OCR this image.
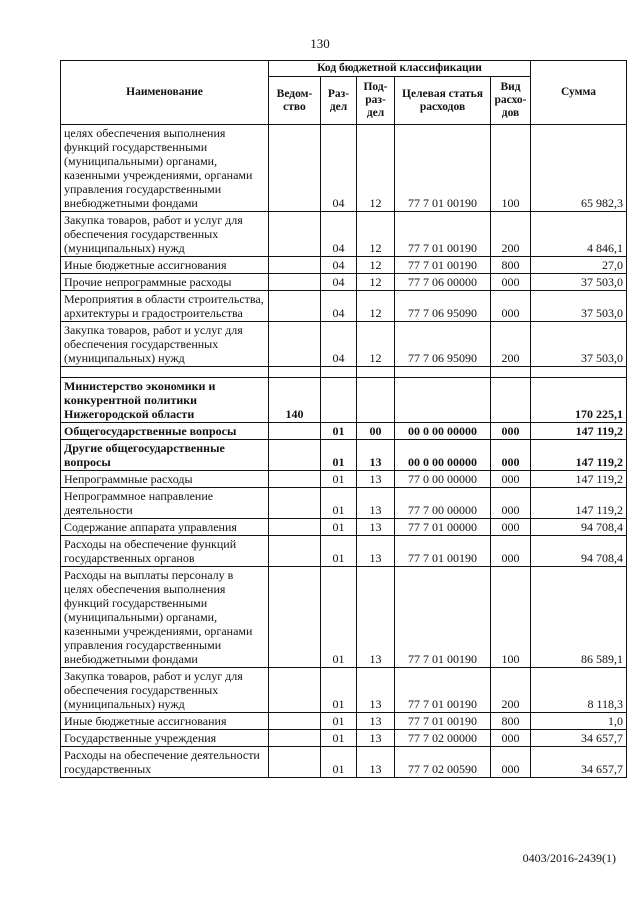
130
Наименование	Код бюджетной классификации					Сумма
	Ведом-ство	Раз-дел	Под-раз-дел	Целевая статья расходов	Вид расхо-дов	
целях обеспечения выполнения функций государственными (муниципальными) органами, казенными учреждениями, органами управления государственными внебюджетными фондами		04	12	77 7 01 00190	100	65 982,3
Закупка товаров, работ и услуг для обеспечения государственных (муниципальных) нужд		04	12	77 7 01 00190	200	4 846,1
Иные бюджетные ассигнования		04	12	77 7 01 00190	800	27,0
Прочие непрограммные расходы		04	12	77 7 06 00000	000	37 503,0
Мероприятия в области строительства, архитектуры и градостроительства		04	12	77 7 06 95090	000	37 503,0
Закупка товаров, работ и услуг для обеспечения государственных (муниципальных) нужд		04	12	77 7 06 95090	200	37 503,0

Министерство экономики и конкурентной политики Нижегородской области	140					170 225,1
Общегосударственные вопросы		01	00	00 0 00 00000	000	147 119,2
Другие общегосударственные вопросы		01	13	00 0 00 00000	000	147 119,2
Непрограммные расходы		01	13	77 0 00 00000	000	147 119,2
Непрограммное направление деятельности		01	13	77 7 00 00000	000	147 119,2
Содержание аппарата управления		01	13	77 7 01 00000	000	94 708,4
Расходы на обеспечение функций государственных органов		01	13	77 7 01 00190	000	94 708,4
Расходы на выплаты персоналу в целях обеспечения выполнения функций государственными (муниципальными) органами, казенными учреждениями, органами управления государственными внебюджетными фондами		01	13	77 7 01 00190	100	86 589,1
Закупка товаров, работ и услуг для обеспечения государственных (муниципальных) нужд		01	13	77 7 01 00190	200	8 118,3
Иные бюджетные ассигнования		01	13	77 7 01 00190	800	1,0
Государственные учреждения		01	13	77 7 02 00000	000	34 657,7
Расходы на обеспечение деятельности государственных		01	13	77 7 02 00590	000	34 657,7
0403/2016-2439(1)
